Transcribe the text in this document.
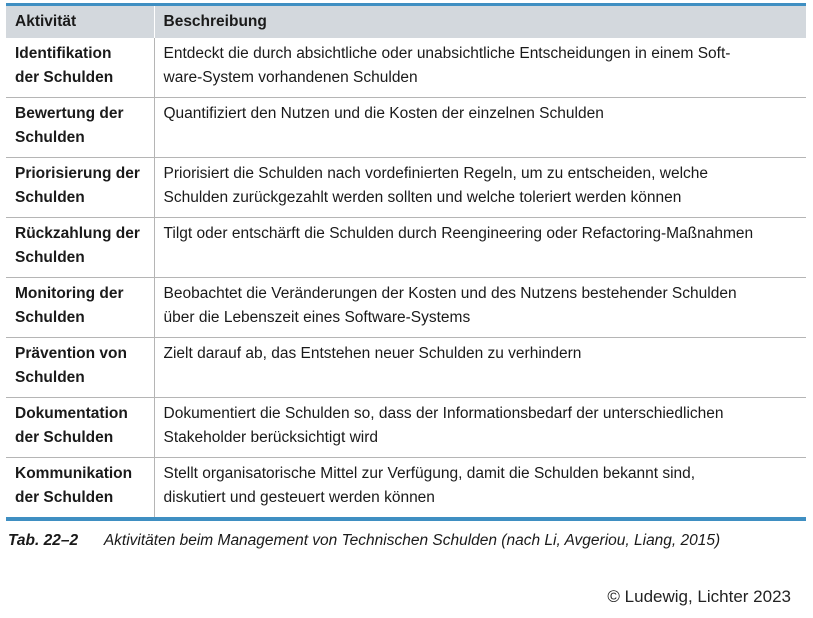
Aktivität	Beschreibung
Identifikation
der Schulden	Entdeckt die durch absichtliche oder unabsichtliche Entscheidungen in einem Soft-
ware-System vorhandenen Schulden
Bewertung der
Schulden	Quantifiziert den Nutzen und die Kosten der einzelnen Schulden
Priorisierung der
Schulden	Priorisiert die Schulden nach vordefinierten Regeln, um zu entscheiden, welche
Schulden zurückgezahlt werden sollten und welche toleriert werden können
Rückzahlung der
Schulden	Tilgt oder entschärft die Schulden durch Reengineering oder Refactoring-Maßnahmen
Monitoring der
Schulden	Beobachtet die Veränderungen der Kosten und des Nutzens bestehender Schulden
über die Lebenszeit eines Software-Systems
Prävention von
Schulden	Zielt darauf ab, das Entstehen neuer Schulden zu verhindern
Dokumentation
der Schulden	Dokumentiert die Schulden so, dass der Informationsbedarf der unterschiedlichen
Stakeholder berücksichtigt wird
Kommunikation
der Schulden	Stellt organisatorische Mittel zur Verfügung, damit die Schulden bekannt sind,
diskutiert und gesteuert werden können
Tab. 22–2 Aktivitäten beim Management von Technischen Schulden (nach Li, Avgeriou, Liang, 2015)
© Ludewig, Lichter 2023
